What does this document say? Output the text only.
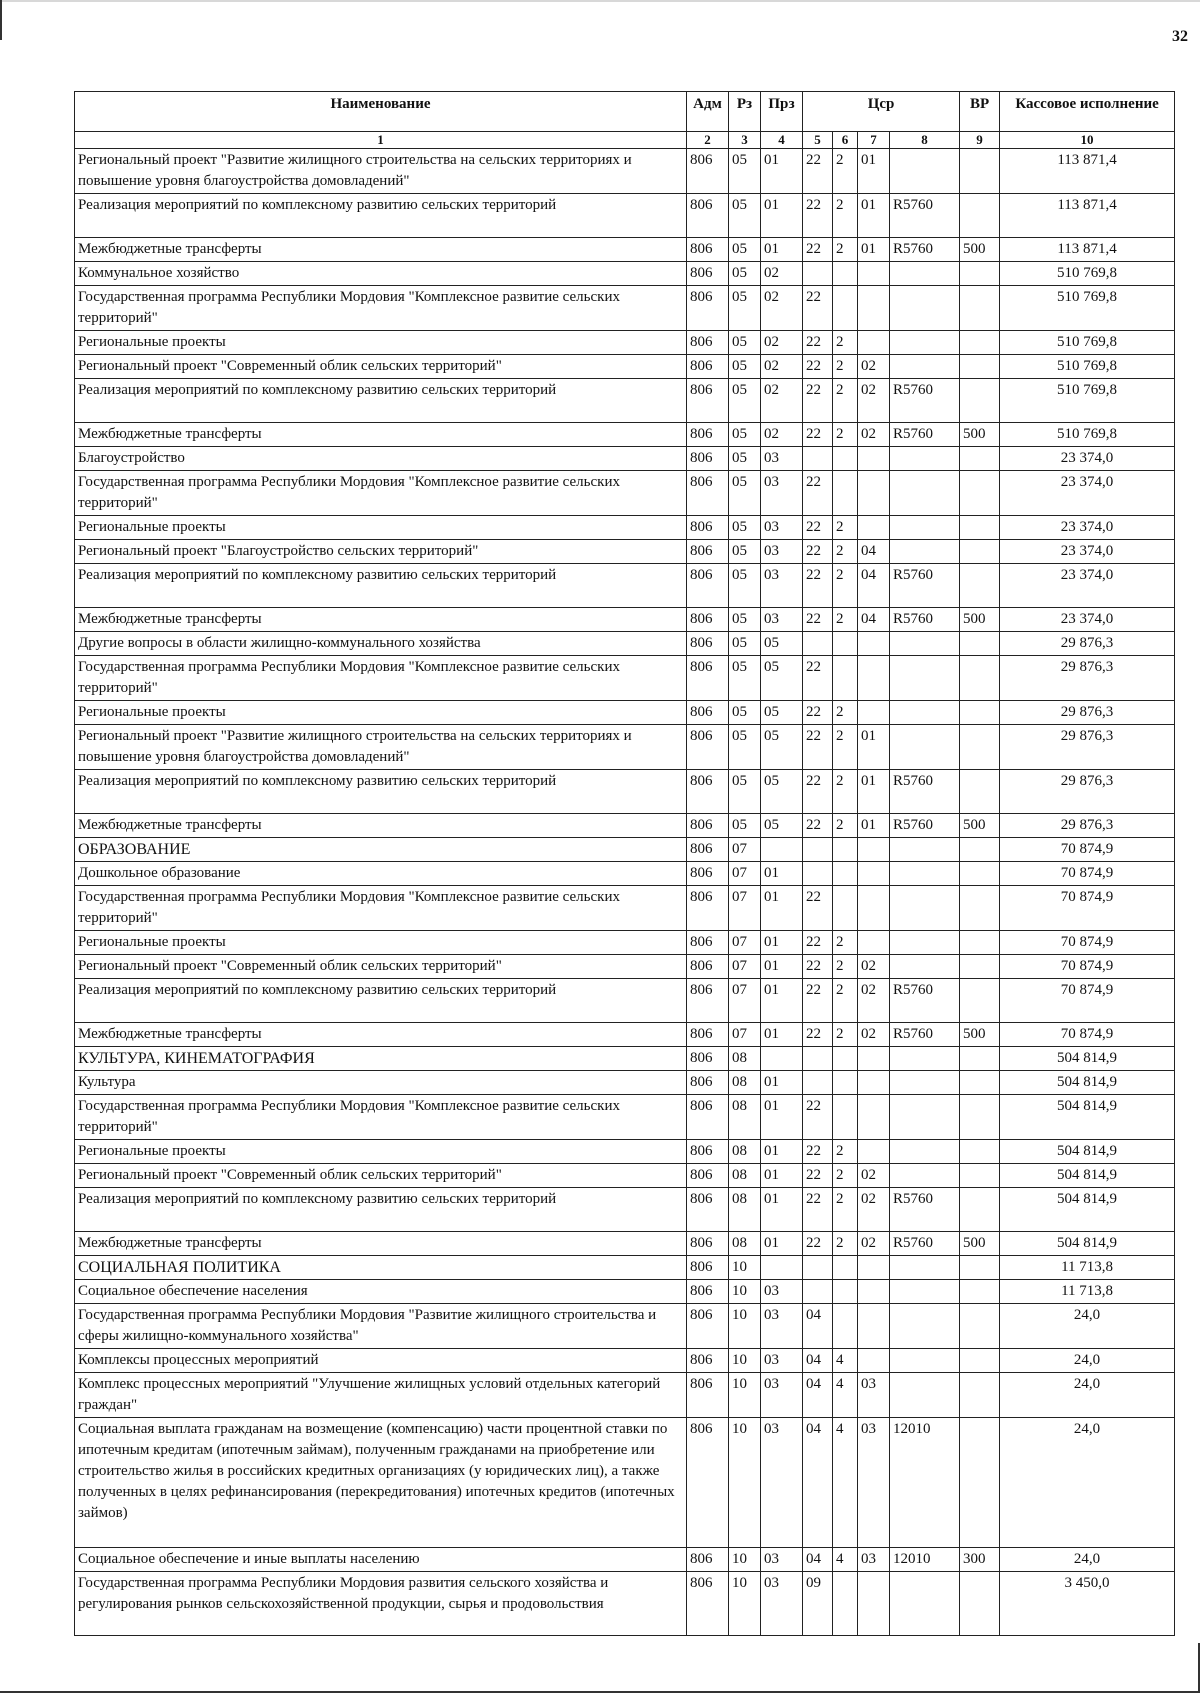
32
Наименование	Адм	Рз	Прз	Цср				ВР	Кассовое исполнение
1	2	3	4	5	6	7	8	9	10
Региональный проект "Развитие жилищного строительства на сельских территориях и повышение уровня благоустройства домовладений"	806	05	01	22	2	01			113 871,4
Реализация мероприятий по комплексному развитию сельских территорий	806	05	01	22	2	01	R5760		113 871,4
Межбюджетные трансферты	806	05	01	22	2	01	R5760	500	113 871,4
Коммунальное хозяйство	806	05	02						510 769,8
Государственная программа Республики Мордовия "Комплексное развитие сельских территорий"	806	05	02	22					510 769,8
Региональные проекты	806	05	02	22	2				510 769,8
Региональный проект "Современный облик сельских территорий"	806	05	02	22	2	02			510 769,8
Реализация мероприятий по комплексному развитию сельских территорий	806	05	02	22	2	02	R5760		510 769,8
Межбюджетные трансферты	806	05	02	22	2	02	R5760	500	510 769,8
Благоустройство	806	05	03						23 374,0
Государственная программа Республики Мордовия "Комплексное развитие сельских территорий"	806	05	03	22					23 374,0
Региональные проекты	806	05	03	22	2				23 374,0
Региональный проект "Благоустройство сельских территорий"	806	05	03	22	2	04			23 374,0
Реализация мероприятий по комплексному развитию сельских территорий	806	05	03	22	2	04	R5760		23 374,0
Межбюджетные трансферты	806	05	03	22	2	04	R5760	500	23 374,0
Другие вопросы в области жилищно-коммунального хозяйства	806	05	05						29 876,3
Государственная программа Республики Мордовия "Комплексное развитие сельских территорий"	806	05	05	22					29 876,3
Региональные проекты	806	05	05	22	2				29 876,3
Региональный проект "Развитие жилищного строительства на сельских территориях и повышение уровня благоустройства домовладений"	806	05	05	22	2	01			29 876,3
Реализация мероприятий по комплексному развитию сельских территорий	806	05	05	22	2	01	R5760		29 876,3
Межбюджетные трансферты	806	05	05	22	2	01	R5760	500	29 876,3
ОБРАЗОВАНИЕ	806	07							70 874,9
Дошкольное образование	806	07	01						70 874,9
Государственная программа Республики Мордовия "Комплексное развитие сельских территорий"	806	07	01	22					70 874,9
Региональные проекты	806	07	01	22	2				70 874,9
Региональный проект "Современный облик сельских территорий"	806	07	01	22	2	02			70 874,9
Реализация мероприятий по комплексному развитию сельских территорий	806	07	01	22	2	02	R5760		70 874,9
Межбюджетные трансферты	806	07	01	22	2	02	R5760	500	70 874,9
КУЛЬТУРА, КИНЕМАТОГРАФИЯ	806	08							504 814,9
Культура	806	08	01						504 814,9
Государственная программа Республики Мордовия "Комплексное развитие сельских территорий"	806	08	01	22					504 814,9
Региональные проекты	806	08	01	22	2				504 814,9
Региональный проект "Современный облик сельских территорий"	806	08	01	22	2	02			504 814,9
Реализация мероприятий по комплексному развитию сельских территорий	806	08	01	22	2	02	R5760		504 814,9
Межбюджетные трансферты	806	08	01	22	2	02	R5760	500	504 814,9
СОЦИАЛЬНАЯ ПОЛИТИКА	806	10							11 713,8
Социальное обеспечение населения	806	10	03						11 713,8
Государственная программа Республики Мордовия "Развитие жилищного строительства и сферы жилищно-коммунального хозяйства"	806	10	03	04					24,0
Комплексы процессных мероприятий	806	10	03	04	4				24,0
Комплекс процессных мероприятий "Улучшение жилищных условий отдельных категорий граждан"	806	10	03	04	4	03			24,0
Социальная выплата гражданам на возмещение (компенсацию) части процентной ставки по ипотечным кредитам (ипотечным займам), полученным гражданами на приобретение или строительство жилья в российских кредитных организациях (у юридических лиц), а также полученных в целях рефинансирования (перекредитования) ипотечных кредитов (ипотечных займов)	806	10	03	04	4	03	12010		24,0
Социальное обеспечение и иные выплаты населению	806	10	03	04	4	03	12010	300	24,0
Государственная программа Республики Мордовия развития сельского хозяйства и регулирования рынков сельскохозяйственной продукции, сырья и продовольствия	806	10	03	09					3 450,0
